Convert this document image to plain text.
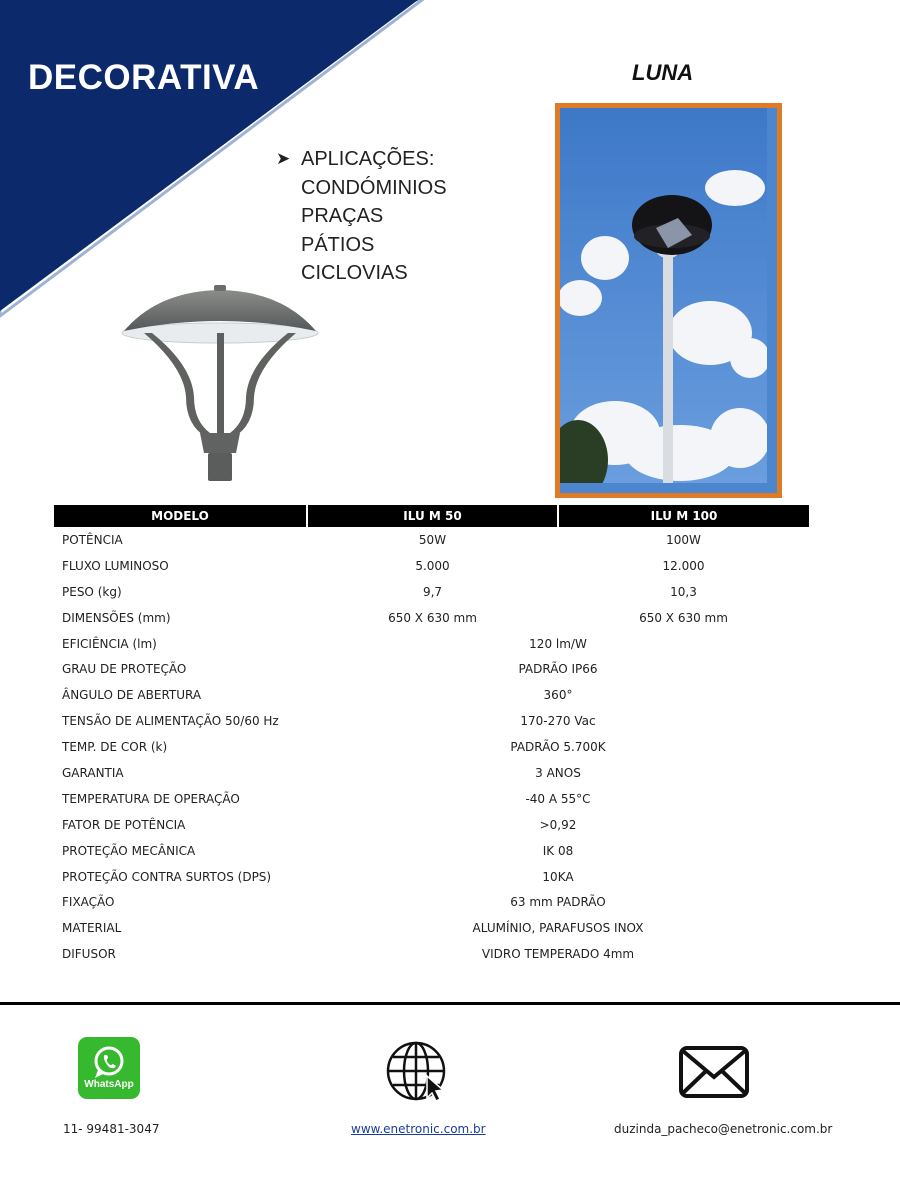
DECORATIVA	LUNA
➤ APLICAÇÕES:
CONDÓMINIOS
PRAÇAS
PÁTIOS
CICLOVIAS
MODELO	ILU M 50	ILU M 100
POTÊNCIA	50W	100W
FLUXO LUMINOSO	5.000	12.000
PESO (kg)	9,7	10,3
DIMENSÕES (mm)	650 X 630 mm	650 X 630 mm
EFICIÊNCIA (lm)	120 lm/W	
GRAU DE PROTEÇÃO	PADRÃO IP66	
ÂNGULO DE ABERTURA	360°	
TENSÃO DE ALIMENTAÇÃO 50/60 Hz	170-270 Vac	
TEMP. DE COR (k)	PADRÃO 5.700K	
GARANTIA	3 ANOS	
TEMPERATURA DE OPERAÇÃO	-40 A 55°C	
FATOR DE POTÊNCIA	>0,92	
PROTEÇÃO MECÂNICA	IK 08	
PROTEÇÃO CONTRA SURTOS (DPS)	10KA	
FIXAÇÃO	63 mm PADRÃO	
MATERIAL	ALUMÍNIO, PARAFUSOS INOX	
DIFUSOR	VIDRO TEMPERADO 4mm	
WhatsApp
11- 99481-3047	www.enetronic.com.br	duzinda_pacheco@enetronic.com.br
